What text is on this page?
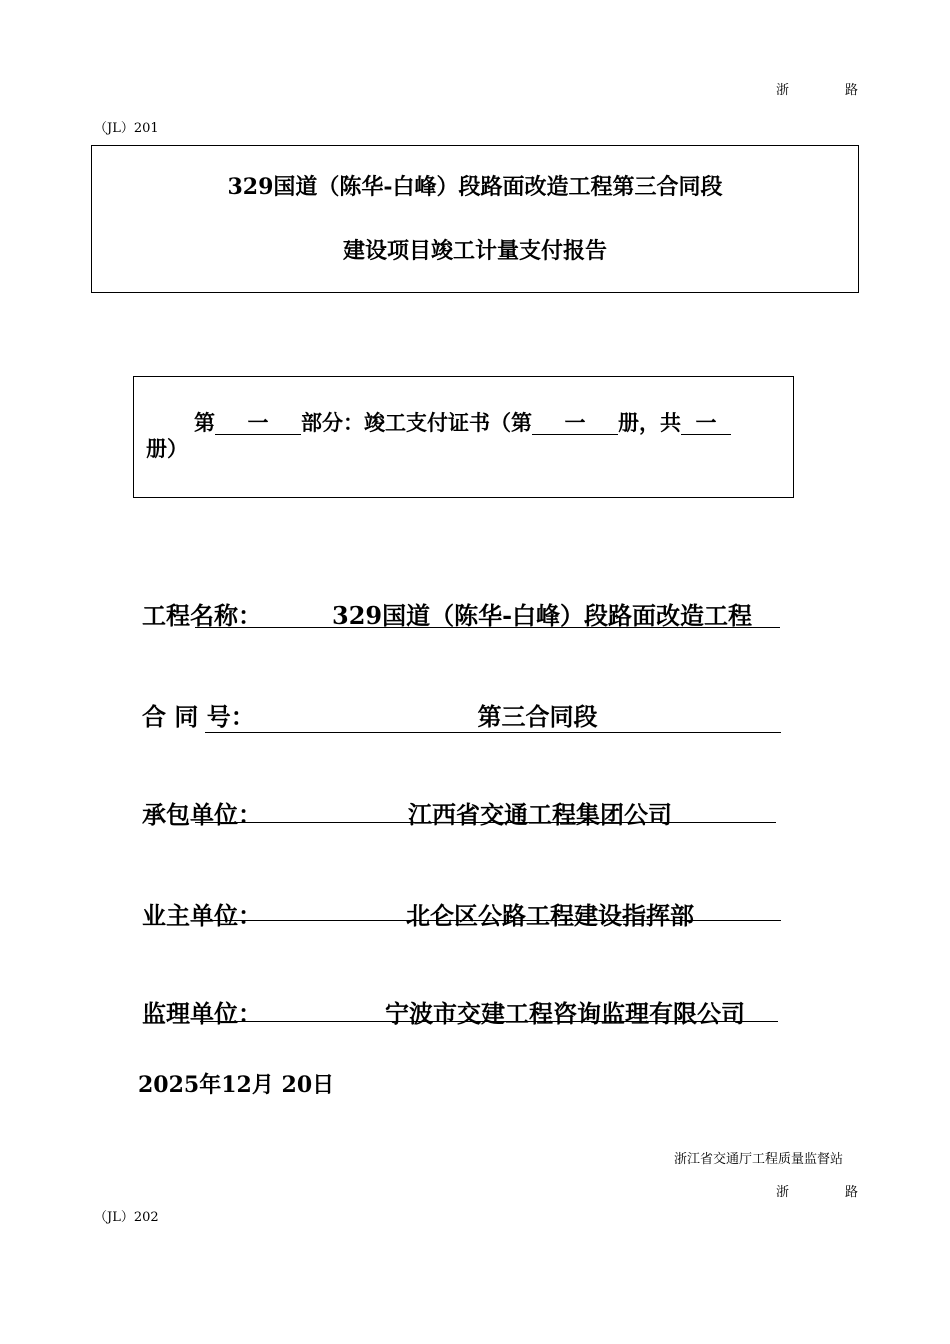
浙	路
（JL）201
329国道（陈华-白峰）段路面改造工程第三合同段
建设项目竣工计量支付报告
第 一 部分：竣工支付证书（第 一 册，共 一
册）
工程名称：	329国道（陈华-白峰）段路面改造工程
合 同 号：	第三合同段
承包单位：	江西省交通工程集团公司
业主单位：	北仑区公路工程建设指挥部
监理单位：	宁波市交建工程咨询监理有限公司
2025年12月 20日
浙江省交通厅工程质量监督站
浙	路
（JL）202
